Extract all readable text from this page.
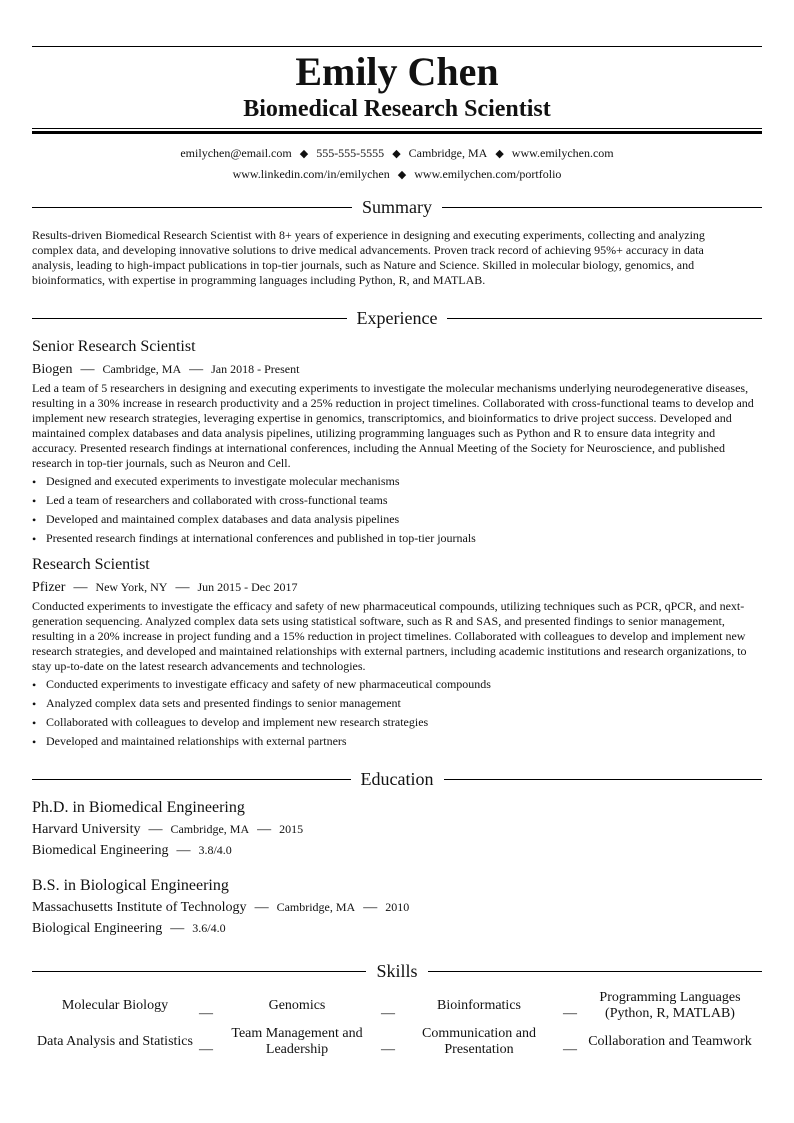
Emily Chen
Biomedical Research Scientist
emilychen@email.com ◆ 555-555-5555 ◆ Cambridge, MA ◆ www.emilychen.com
www.linkedin.com/in/emilychen ◆ www.emilychen.com/portfolio
Summary
Results-driven Biomedical Research Scientist with 8+ years of experience in designing and executing experiments, collecting and analyzing complex data, and developing innovative solutions to drive medical advancements. Proven track record of achieving 95%+ accuracy in data analysis, leading to high-impact publications in top-tier journals, such as Nature and Science. Skilled in molecular biology, genomics, and bioinformatics, with expertise in programming languages including Python, R, and MATLAB.
Experience
Senior Research Scientist
Biogen — Cambridge, MA — Jan 2018 - Present
Led a team of 5 researchers in designing and executing experiments to investigate the molecular mechanisms underlying neurodegenerative diseases, resulting in a 30% increase in research productivity and a 25% reduction in project timelines. Collaborated with cross-functional teams to develop and implement new research strategies, leveraging expertise in genomics, transcriptomics, and bioinformatics to drive project success. Developed and maintained complex databases and data analysis pipelines, utilizing programming languages such as Python and R to ensure data integrity and accuracy. Presented research findings at international conferences, including the Annual Meeting of the Society for Neuroscience, and published research in top-tier journals, such as Neuron and Cell.
• Designed and executed experiments to investigate molecular mechanisms
• Led a team of researchers and collaborated with cross-functional teams
• Developed and maintained complex databases and data analysis pipelines
• Presented research findings at international conferences and published in top-tier journals
Research Scientist
Pfizer — New York, NY — Jun 2015 - Dec 2017
Conducted experiments to investigate the efficacy and safety of new pharmaceutical compounds, utilizing techniques such as PCR, qPCR, and next-generation sequencing. Analyzed complex data sets using statistical software, such as R and SAS, and presented findings to senior management, resulting in a 20% increase in project funding and a 15% reduction in project timelines. Collaborated with colleagues to develop and implement new research strategies, and developed and maintained relationships with external partners, including academic institutions and research organizations, to stay up-to-date on the latest research advancements and technologies.
• Conducted experiments to investigate efficacy and safety of new pharmaceutical compounds
• Analyzed complex data sets and presented findings to senior management
• Collaborated with colleagues to develop and implement new research strategies
• Developed and maintained relationships with external partners
Education
Ph.D. in Biomedical Engineering
Harvard University — Cambridge, MA — 2015
Biomedical Engineering — 3.8/4.0
B.S. in Biological Engineering
Massachusetts Institute of Technology — Cambridge, MA — 2010
Biological Engineering — 3.6/4.0
Skills
Molecular Biology
—
Genomics
—
Bioinformatics
—
Programming Languages (Python, R, MATLAB)
Data Analysis and Statistics
—
Team Management and Leadership	—
Communication and Presentation	—
Collaboration and Teamwork
